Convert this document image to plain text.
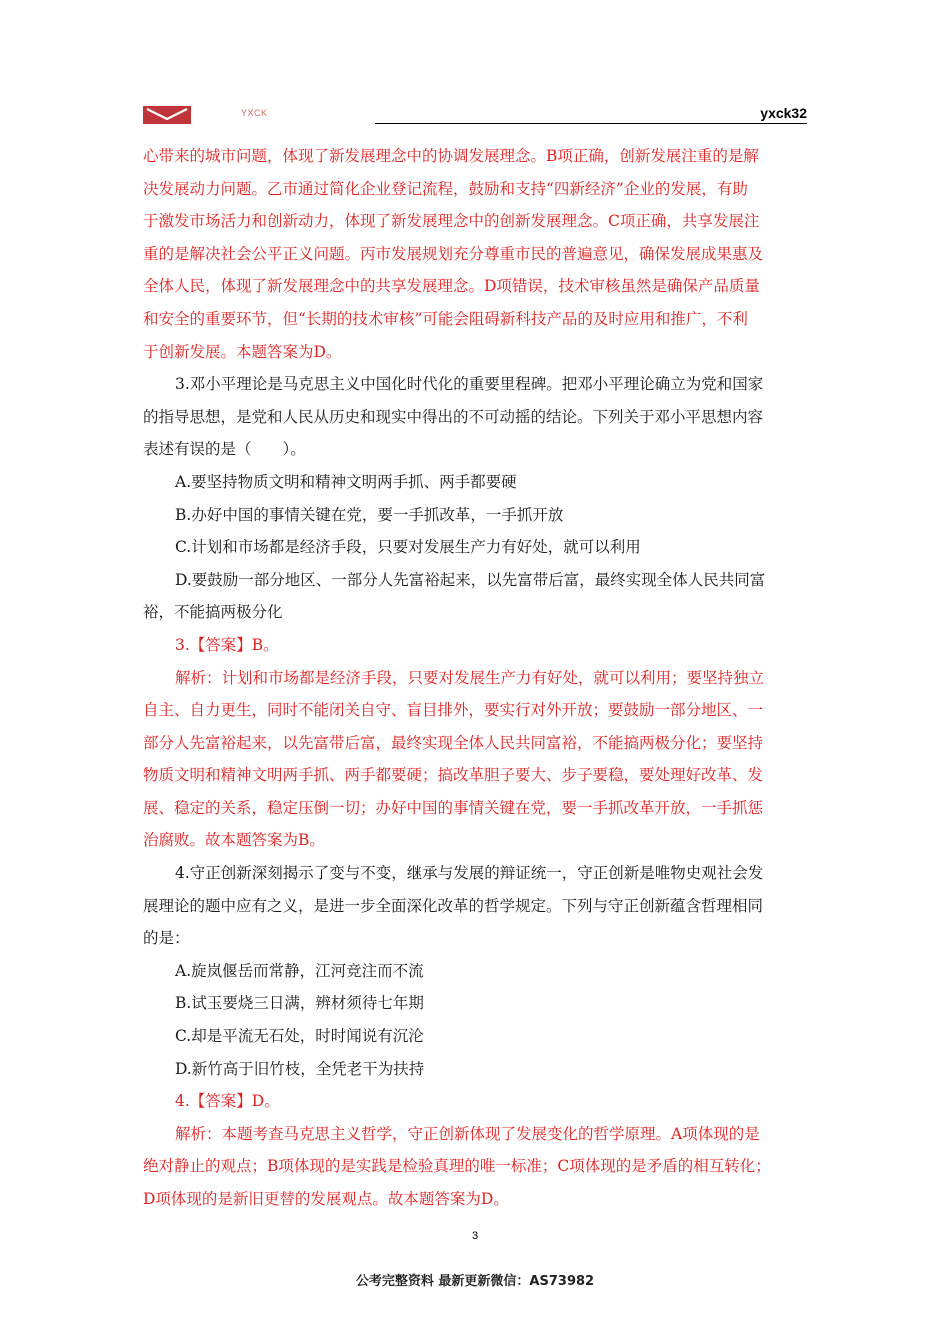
YXCK	yxck32

心带来的城市问题，体现了新发展理念中的协调发展理念。B项正确，创新发展注重的是解

决发展动力问题。乙市通过简化企业登记流程，鼓励和支持“四新经济”企业的发展，有助

于激发市场活力和创新动力，体现了新发展理念中的创新发展理念。C项正确，共享发展注

重的是解决社会公平正义问题。丙市发展规划充分尊重市民的普遍意见，确保发展成果惠及

全体人民，体现了新发展理念中的共享发展理念。D项错误，技术审核虽然是确保产品质量

和安全的重要环节，但“长期的技术审核”可能会阻碍新科技产品的及时应用和推广，不利

于创新发展。本题答案为D。

3.邓小平理论是马克思主义中国化时代化的重要里程碑。把邓小平理论确立为党和国家

的指导思想，是党和人民从历史和现实中得出的不可动摇的结论。下列关于邓小平思想内容

表述有误的是（　　）。

A.要坚持物质文明和精神文明两手抓、两手都要硬

B.办好中国的事情关键在党，要一手抓改革，一手抓开放

C.计划和市场都是经济手段，只要对发展生产力有好处，就可以利用

D.要鼓励一部分地区、一部分人先富裕起来，以先富带后富，最终实现全体人民共同富

裕，不能搞两极分化

3.【答案】B。

解析：计划和市场都是经济手段，只要对发展生产力有好处，就可以利用；要坚持独立

自主、自力更生，同时不能闭关自守、盲目排外，要实行对外开放；要鼓励一部分地区、一

部分人先富裕起来，以先富带后富，最终实现全体人民共同富裕，不能搞两极分化；要坚持

物质文明和精神文明两手抓、两手都要硬；搞改革胆子要大、步子要稳，要处理好改革、发

展、稳定的关系，稳定压倒一切；办好中国的事情关键在党，要一手抓改革开放，一手抓惩

治腐败。故本题答案为B。

4.守正创新深刻揭示了变与不变，继承与发展的辩证统一，守正创新是唯物史观社会发

展理论的题中应有之义，是进一步全面深化改革的哲学规定。下列与守正创新蕴含哲理相同

的是：

A.旋岚偃岳而常静，江河竞注而不流

B.试玉要烧三日满，辨材须待七年期

C.却是平流无石处，时时闻说有沉沦

D.新竹高于旧竹枝，全凭老干为扶持

4.【答案】D。

解析：本题考查马克思主义哲学，守正创新体现了发展变化的哲学原理。A项体现的是

绝对静止的观点；B项体现的是实践是检验真理的唯一标准；C项体现的是矛盾的相互转化；

D项体现的是新旧更替的发展观点。故本题答案为D。

3
公考完整资料 最新更新微信：AS73982
